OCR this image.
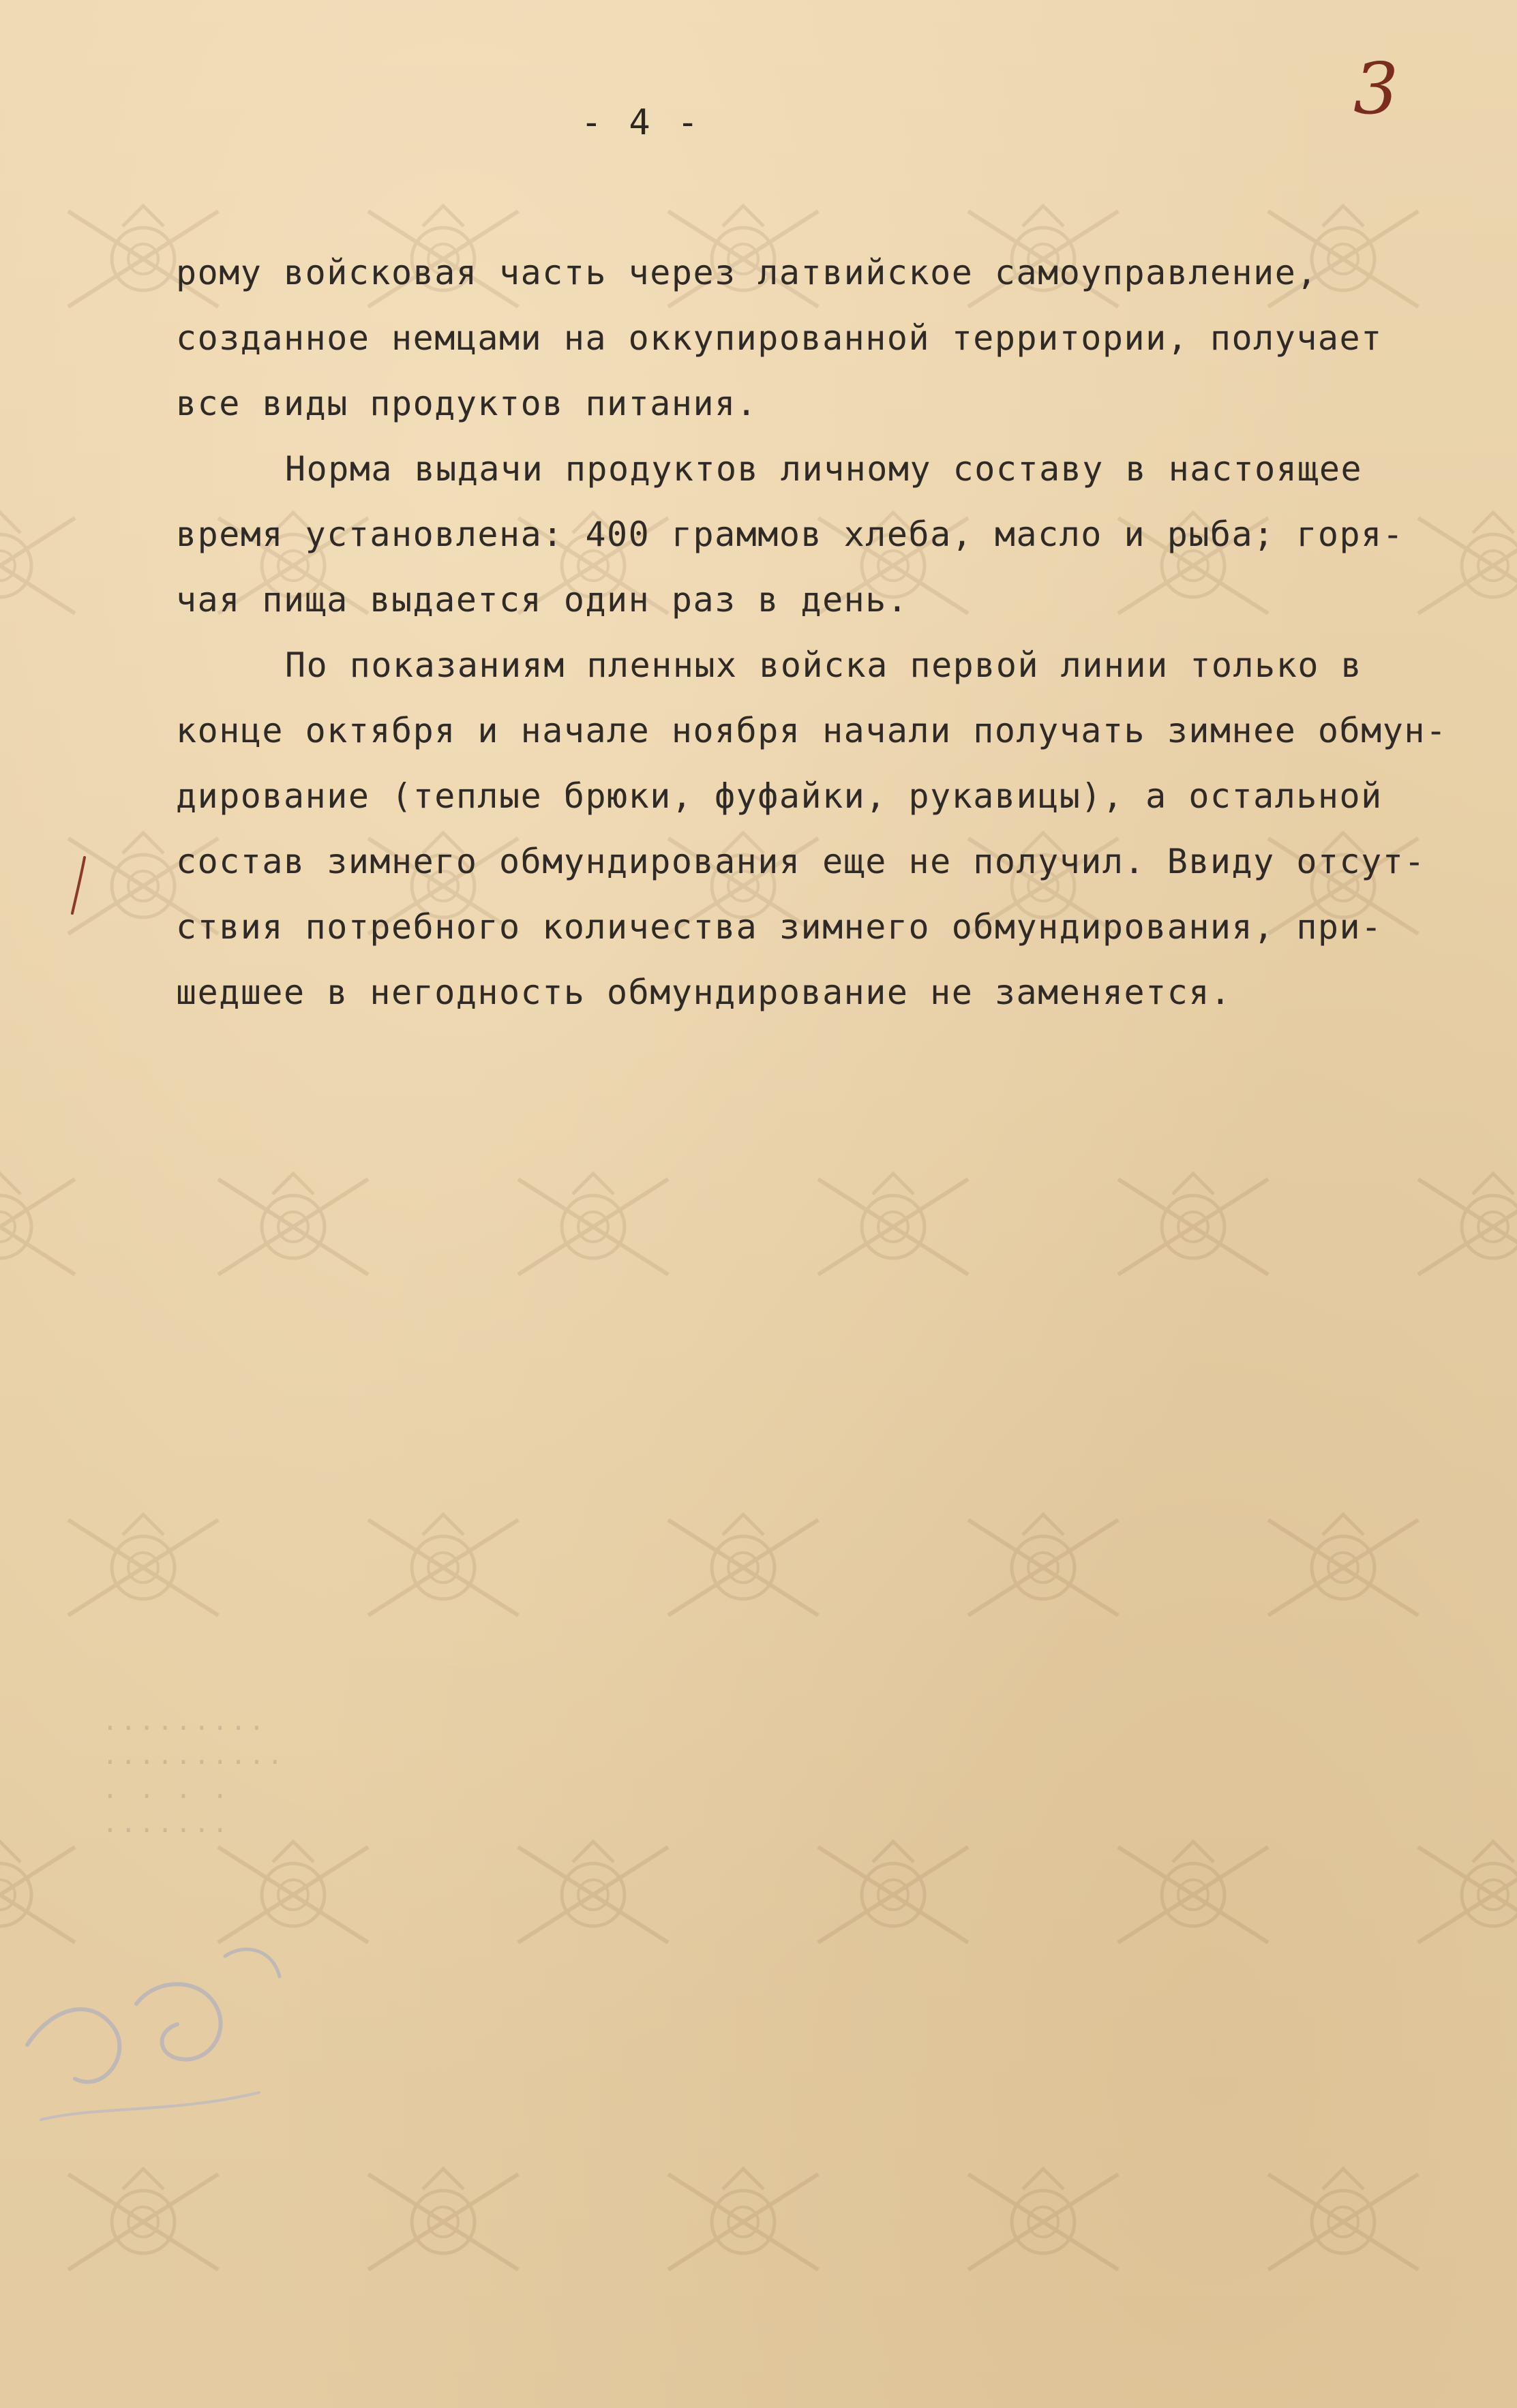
- 4 -	3
рому войсковая часть через латвийское самоуправление,
созданное немцами на оккупированной территории, получает
все виды продуктов питания.
Норма выдачи продуктов личному составу в настоящее
время установлена: 400 граммов хлеба, масло и рыба; горя-
чая пища выдается один раз в день.
По показаниям пленных войска первой линии только в
конце октября и начале ноября начали получать зимнее обмун-
дирование (теплые брюки, фуфайки, рукавицы), а остальной
состав зимнего обмундирования еще не получил. Ввиду отсут-
ствия потребного количества зимнего обмундирования, при-
шедшее в негодность обмундирование не заменяется.
.........
..........
. . . .
.......
